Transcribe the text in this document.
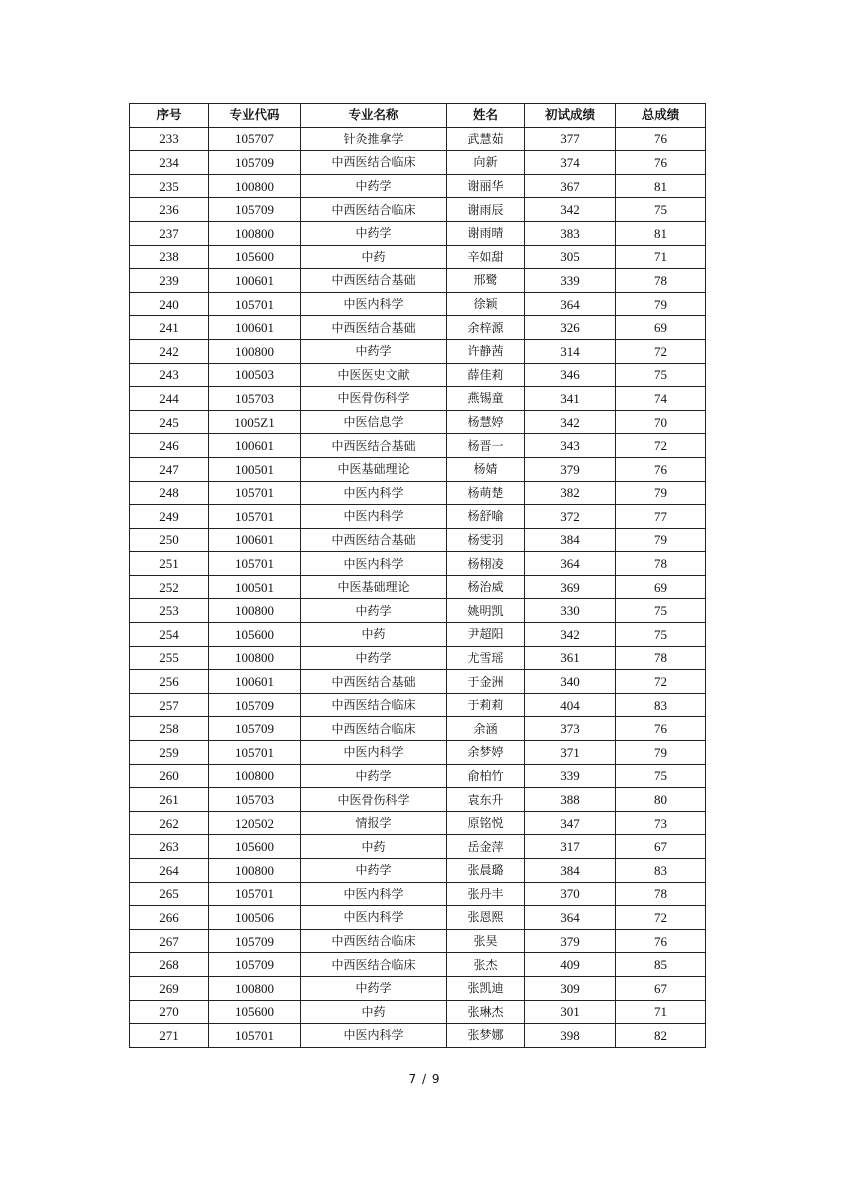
序号	专业代码	专业名称	姓名	初试成绩	总成绩
233	105707	针灸推拿学	武慧茹	377	76
234	105709	中西医结合临床	向新	374	76
235	100800	中药学	谢丽华	367	81
236	105709	中西医结合临床	谢雨辰	342	75
237	100800	中药学	谢雨晴	383	81
238	105600	中药	辛如甜	305	71
239	100601	中西医结合基础	邢鹭	339	78
240	105701	中医内科学	徐颖	364	79
241	100601	中西医结合基础	余梓源	326	69
242	100800	中药学	许静茜	314	72
243	100503	中医医史文献	薛佳莉	346	75
244	105703	中医骨伤科学	燕锡童	341	74
245	1005Z1	中医信息学	杨慧婷	342	70
246	100601	中西医结合基础	杨晋一	343	72
247	100501	中医基础理论	杨婧	379	76
248	105701	中医内科学	杨萌楚	382	79
249	105701	中医内科学	杨舒喻	372	77
250	100601	中西医结合基础	杨雯羽	384	79
251	105701	中医内科学	杨栩凌	364	78
252	100501	中医基础理论	杨治威	369	69
253	100800	中药学	姚明凯	330	75
254	105600	中药	尹超阳	342	75
255	100800	中药学	尤雪瑶	361	78
256	100601	中西医结合基础	于金洲	340	72
257	105709	中西医结合临床	于莉莉	404	83
258	105709	中西医结合临床	余涵	373	76
259	105701	中医内科学	余梦婷	371	79
260	100800	中药学	俞柏竹	339	75
261	105703	中医骨伤科学	袁东升	388	80
262	120502	情报学	原铭悦	347	73
263	105600	中药	岳金萍	317	67
264	100800	中药学	张晨璐	384	83
265	105701	中医内科学	张丹丰	370	78
266	100506	中医内科学	张恩熙	364	72
267	105709	中西医结合临床	张昊	379	76
268	105709	中西医结合临床	张杰	409	85
269	100800	中药学	张凯迪	309	67
270	105600	中药	张琳杰	301	71
271	105701	中医内科学	张梦娜	398	82
7 / 9
